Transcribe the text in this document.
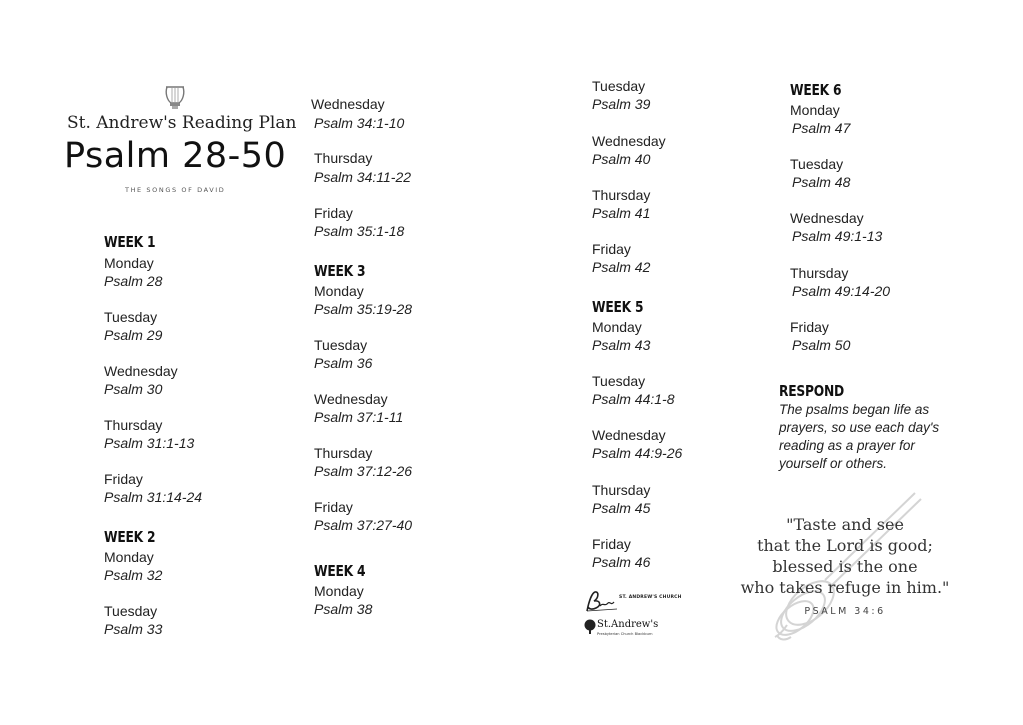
St. Andrew's Reading Plan
Psalm 28-50
THE SONGS OF DAVID
WEEK 1
Monday
Psalm 28
Tuesday
Psalm 29
Wednesday
Psalm 30
Thursday
Psalm 31:1-13
Friday
Psalm 31:14-24
WEEK 2
Monday
Psalm 32
Tuesday
Psalm 33
Wednesday
Psalm 34:1-10
Thursday
Psalm 34:11-22
Friday
Psalm 35:1-18
WEEK 3
Monday
Psalm 35:19-28
Tuesday
Psalm 36
Wednesday
Psalm 37:1-11
Thursday
Psalm 37:12-26
Friday
Psalm 37:27-40
WEEK 4
Monday
Psalm 38
Tuesday
Psalm 39
Wednesday
Psalm 40
Thursday
Psalm 41
Friday
Psalm 42
WEEK 5
Monday
Psalm 43
Tuesday
Psalm 44:1-8
Wednesday
Psalm 44:9-26
Thursday
Psalm 45
Friday
Psalm 46
ST. ANDREW'S CHURCH
St.Andrew's
Presbyterian Church Blackburn
WEEK 6
Monday
Psalm 47
Tuesday
Psalm 48
Wednesday
Psalm 49:1-13
Thursday
Psalm 49:14-20
Friday
Psalm 50
RESPOND
The psalms began life as
prayers, so use each day's
reading as a prayer for
yourself or others.
"Taste and see
that the Lord is good;
blessed is the one
who takes refuge in him."
PSALM 34:6
